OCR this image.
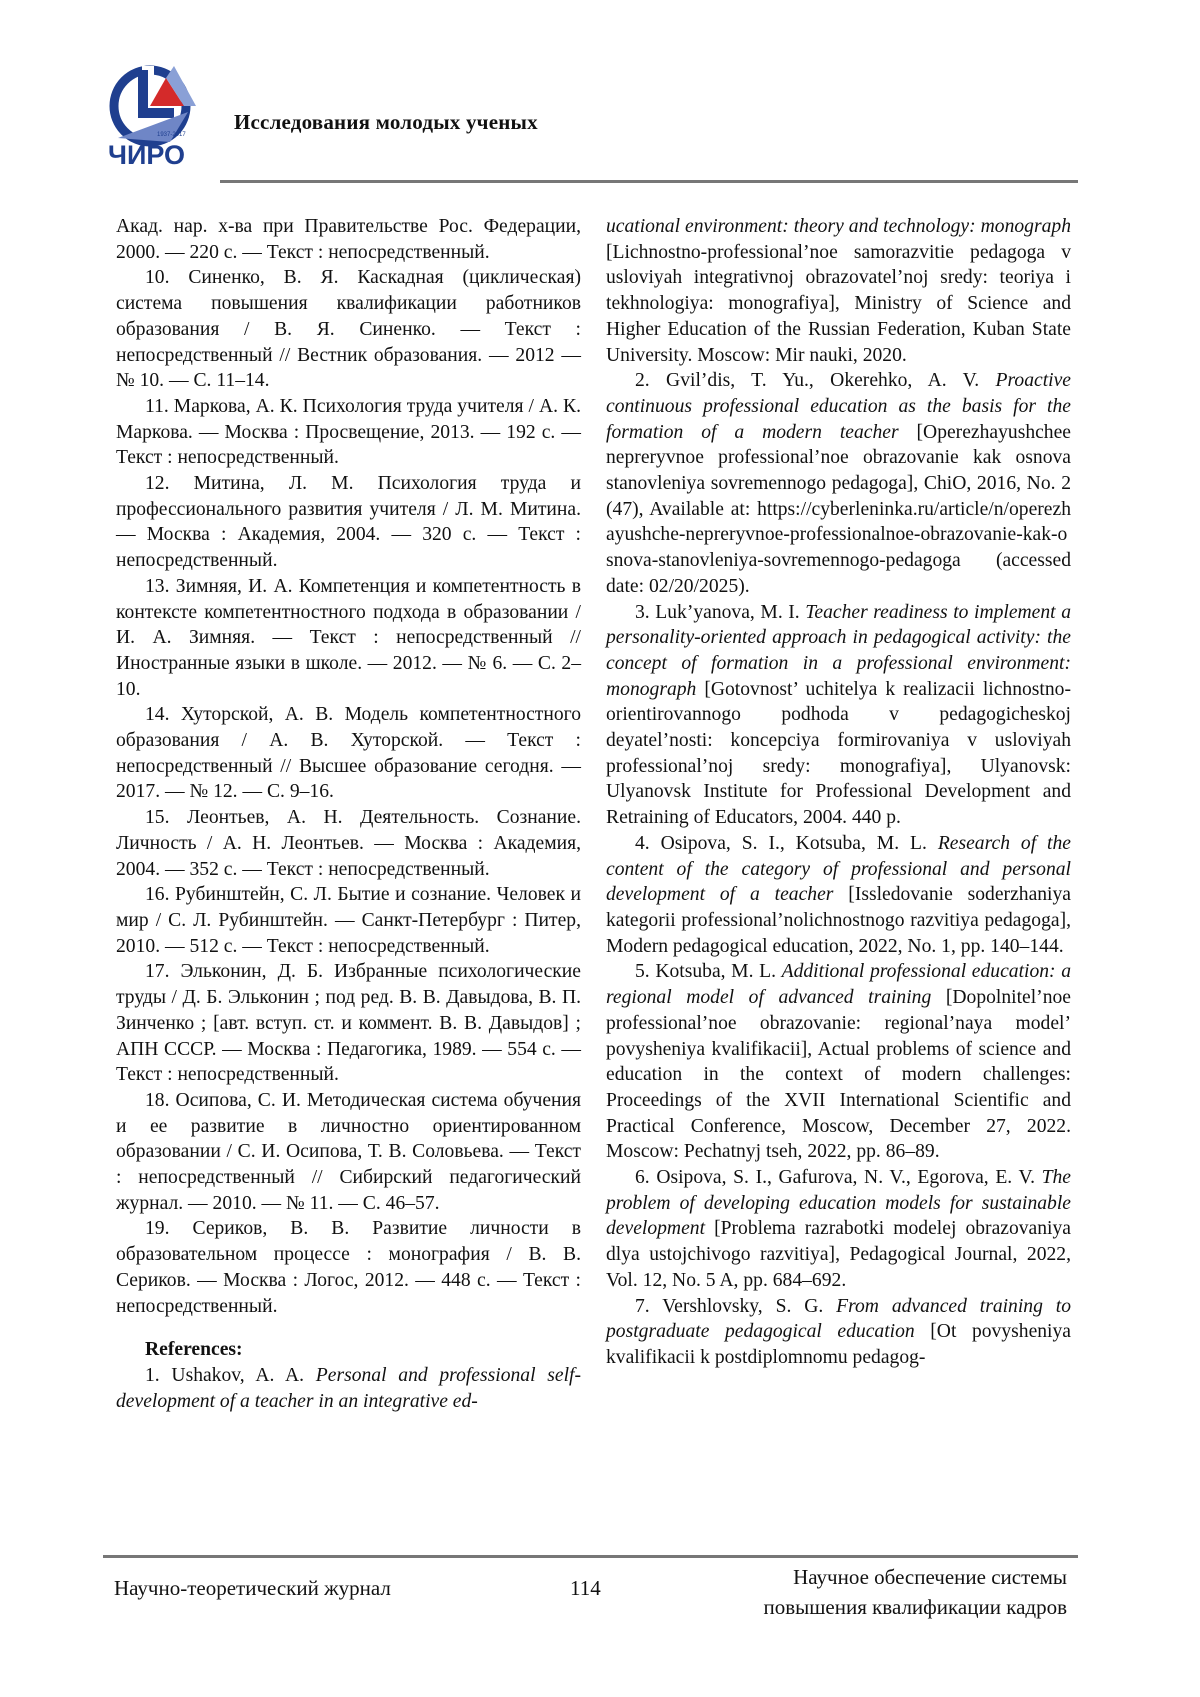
1937-2017
ЧИРО
Исследования молодых ученых

Акад. нар. х-ва при Правительстве Рос. Федерации, 2000. — 220 с. — Текст : непосредственный.

10. Синенко, В. Я. Каскадная (циклическая) система повышения квалификации работников образования / В. Я. Синенко. — Текст : непосредственный // Вестник образования. — 2012 — № 10. — С. 11–14.

11. Маркова, А. К. Психология труда учителя / А. К. Маркова. — Москва : Просвещение, 2013. — 192 с. — Текст : непосредственный.

12. Митина, Л. М. Психология труда и профессионального развития учителя / Л. М. Митина. — Москва : Академия, 2004. — 320 с. — Текст : непосредственный.

13. Зимняя, И. А. Компетенция и компетентность в контексте компетентностного подхода в образовании / И. А. Зимняя. — Текст : непосредственный // Иностранные языки в школе. — 2012. — № 6. — С. 2–10.

14. Хуторской, А. В. Модель компетентностного образования / А. В. Хуторской. — Текст : непосредственный // Высшее образование сегодня. — 2017. — № 12. — С. 9–16.

15. Леонтьев, А. Н. Деятельность. Сознание. Личность / А. Н. Леонтьев. — Москва : Академия, 2004. — 352 с. — Текст : непосредственный.

16. Рубинштейн, С. Л. Бытие и сознание. Человек и мир / С. Л. Рубинштейн. — Санкт-Петербург : Питер, 2010. — 512 с. — Текст : непосредственный.

17. Эльконин, Д. Б. Избранные психологические труды / Д. Б. Эльконин ; под ред. В. В. Давыдова, В. П. Зинченко ; [авт. вступ. ст. и коммент. В. В. Давыдов] ; АПН СССР. — Москва : Педагогика, 1989. — 554 с. — Текст : непосредственный.

18. Осипова, С. И. Методическая система обучения и ее развитие в личностно ориентированном образовании / С. И. Осипова, Т. В. Соловьева. — Текст : непосредственный // Сибирский педагогический журнал. — 2010. — № 11. — С. 46–57.

19. Сериков, В. В. Развитие личности в образовательном процессе : монография / В. В. Сериков. — Москва : Логос, 2012. — 448 с. — Текст : непосредственный.

References:

1. Ushakov, A. A. Personal and professional self-development of a teacher in an integrative ed-

ucational environment: theory and technology: monograph [Lichnostno-professional’noe samorazvitie pedagoga v usloviyah integrativnoj obrazovatel’noj sredy: teoriya i tekhnologiya: monografiya], Ministry of Science and Higher Education of the Russian Federation, Kuban State University. Moscow: Mir nauki, 2020.

2. Gvil’dis, T. Yu., Okerehko, A. V. Proactive continuous professional education as the basis for the formation of a modern teacher [Operezhayushchee nepreryvnoe professional’noe obrazovanie kak osnova stanovleniya sovremennogo pedagoga], ChiO, 2016, No. 2 (47), Available at: https://cyberleninka.ru/article/n/operezhayushche-nepreryvnoe-professionalnoe-obrazovanie-kak-osnova-stanovleniya-sovremennogo-pedagoga (accessed date: 02/20/2025).

3. Luk’yanova, M. I. Teacher readiness to implement a personality-oriented approach in pedagogical activity: the concept of formation in a professional environment: monograph [Gotovnost’ uchitelya k realizacii lichnostno-orientirovannogo podhoda v pedagogicheskoj deyatel’nosti: koncepciya formirovaniya v usloviyah professional’noj sredy: monografiya], Ulyanovsk: Ulyanovsk Institute for Professional Development and Retraining of Educators, 2004. 440 p.

4. Osipova, S. I., Kotsuba, M. L. Research of the content of the category of professional and personal development of a teacher [Issledovanie soderzhaniya kategorii professional’nolichnostnogo razvitiya pedagoga], Modern pedagogical education, 2022, No. 1, pp. 140–144.

5. Kotsuba, M. L. Additional professional education: a regional model of advanced training [Dopolnitel’noe professional’noe obrazovanie: regional’naya model’ povysheniya kvalifikacii], Actual problems of science and education in the context of modern challenges: Proceedings of the XVII International Scientific and Practical Conference, Moscow, December 27, 2022. Moscow: Pechatnyj tseh, 2022, pp. 86–89.

6. Osipova, S. I., Gafurova, N. V., Egorova, E. V. The problem of developing education models for sustainable development [Problema razrabotki modelej obrazovaniya dlya ustojchivogo razvitiya], Pedagogical Journal, 2022, Vol. 12, No. 5 A, pp. 684–692.

7. Vershlovsky, S. G. From advanced training to postgraduate pedagogical education [Ot povysheniya kvalifikacii k postdiplomnomu pedagog-

Научно-теоретический журнал	114	Научное обеспечение системы
повышения квалификации кадров
